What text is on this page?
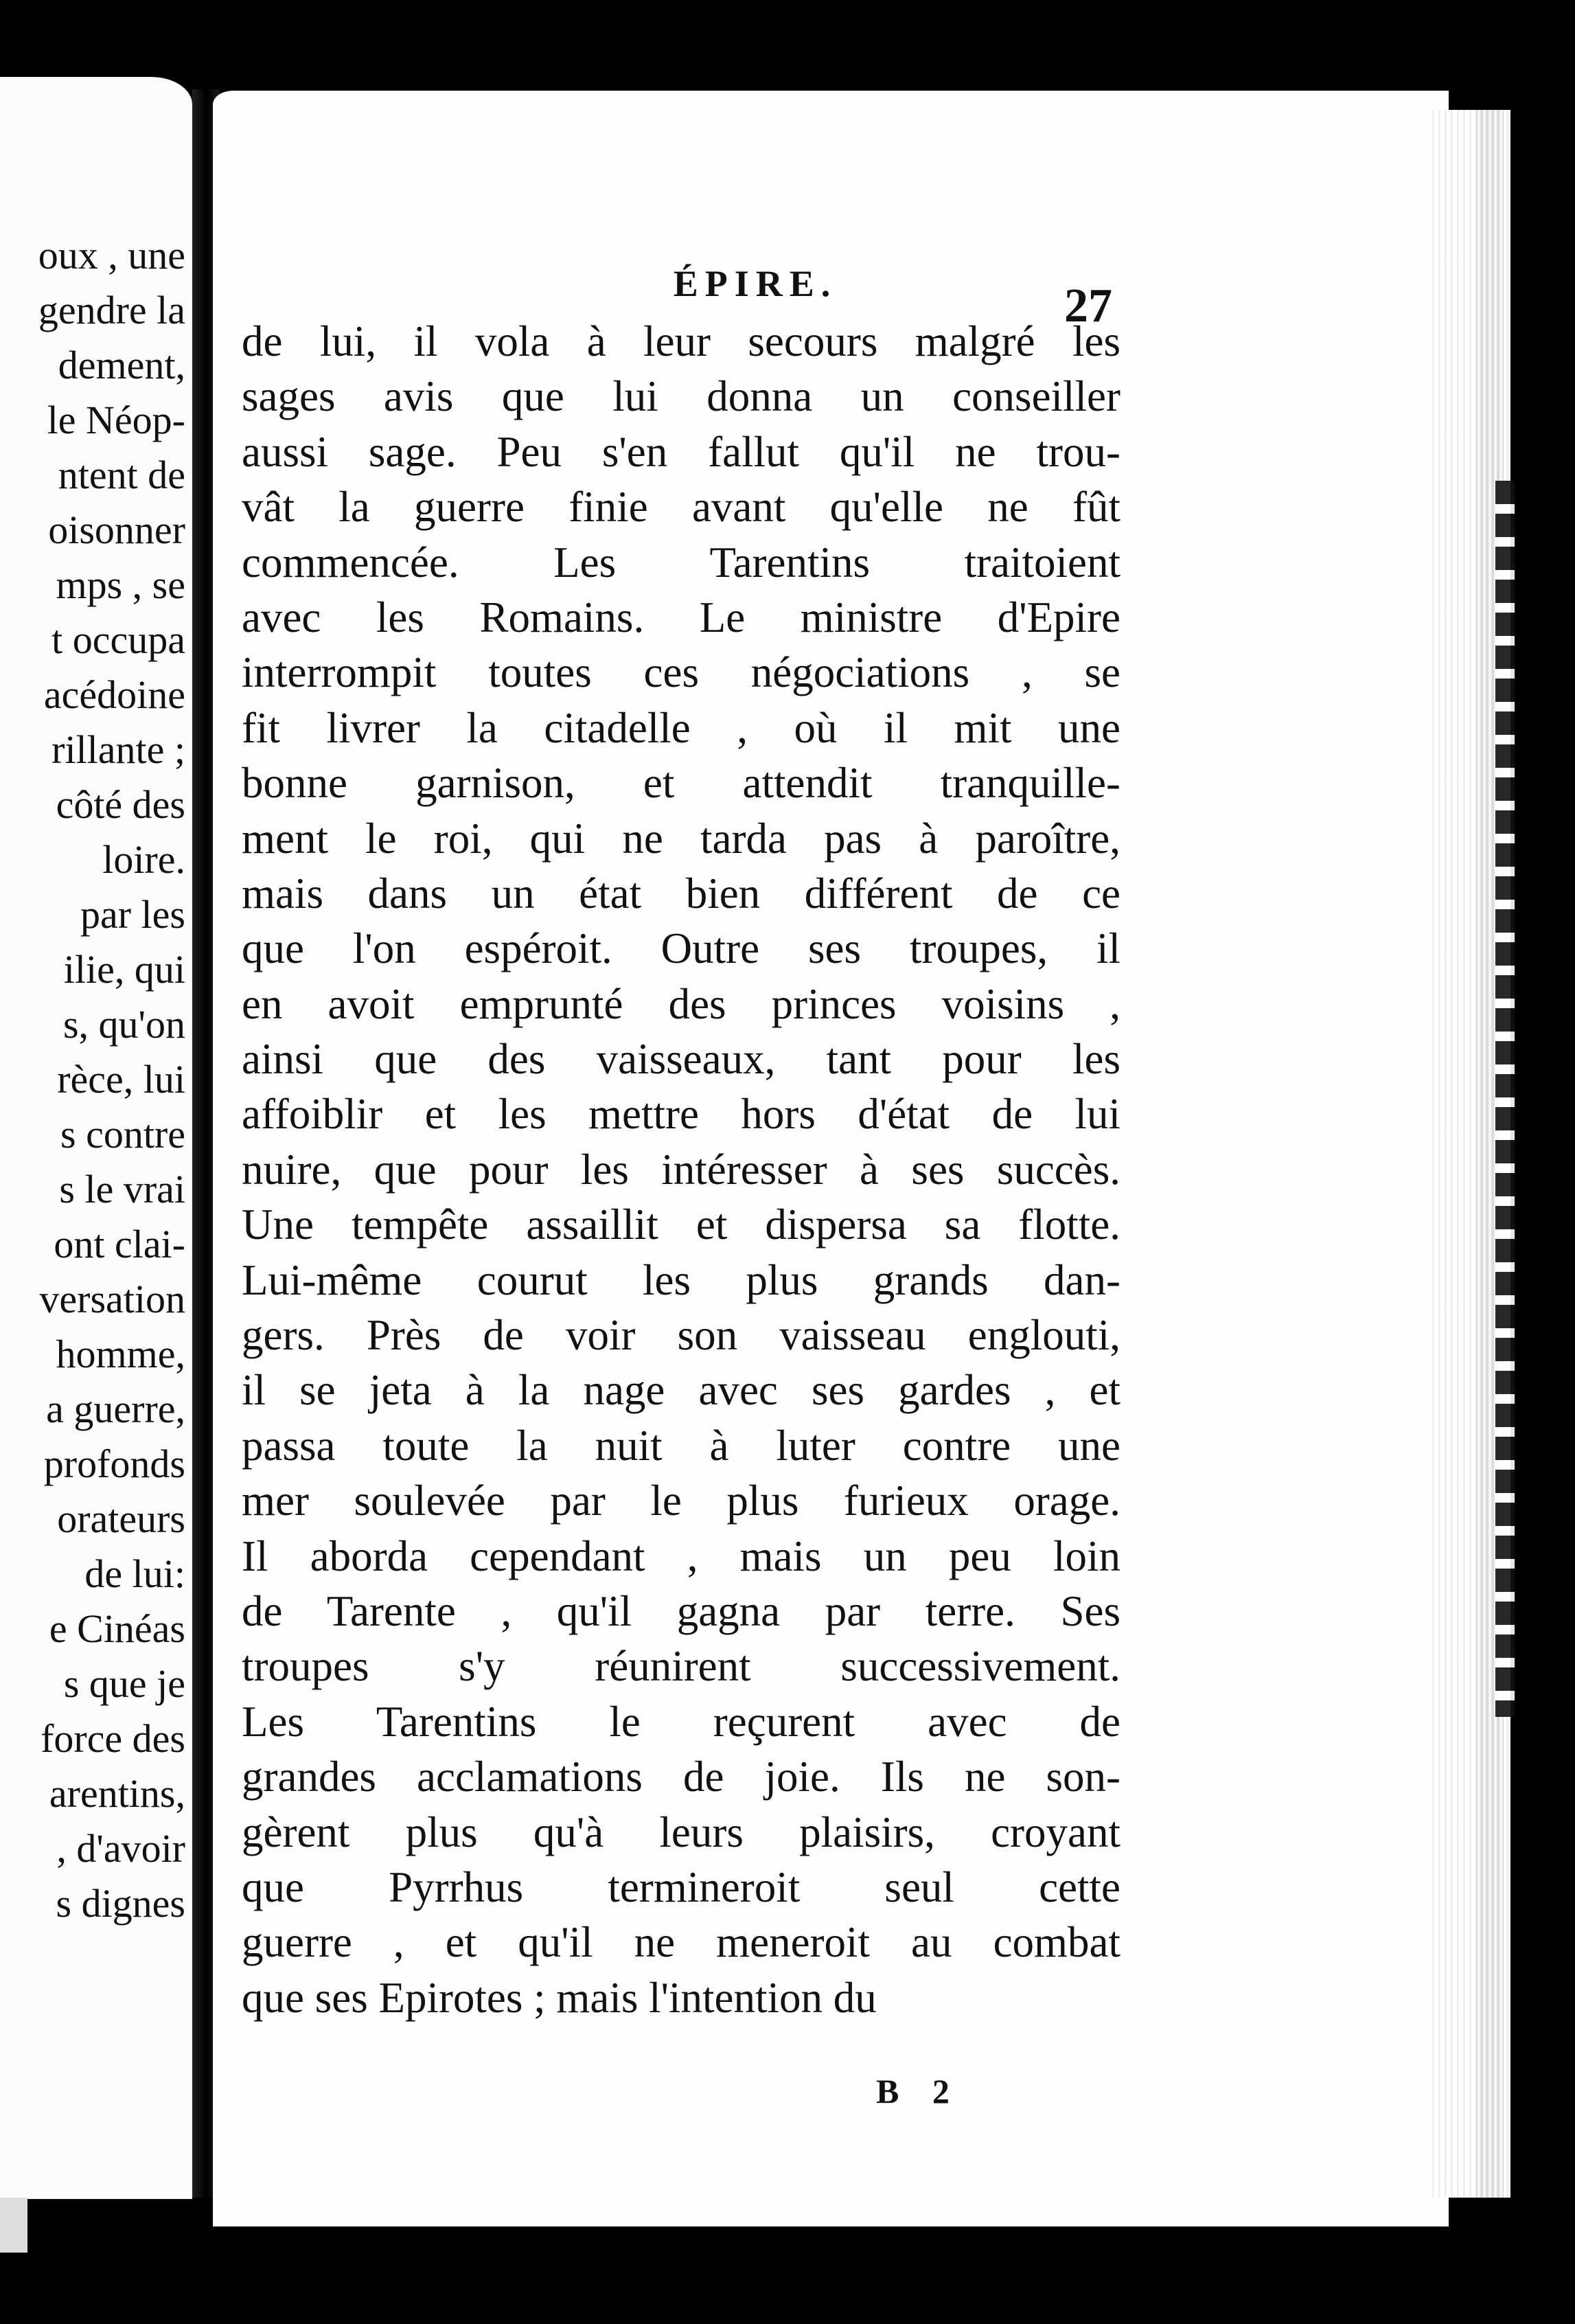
oux , une
gendre la
dement,
le Néop-
ntent de
oisonner
mps , se
t occupa
acédoine
rillante ;
côté des
loire.
par les
ilie, qui
s, qu'on
rèce, lui
s contre
s le vrai
ont clai-
versation
homme,
a guerre,
profonds
orateurs
de lui:
e Cinéas
s que je
force des
arentins,
, d'avoir
s dignes
ÉPIRE.	27
de lui, il vola à leur secours malgré les
sages avis que lui donna un conseiller
aussi sage. Peu s'en fallut qu'il ne trou-
vât la guerre finie avant qu'elle ne fût
commencée. Les Tarentins traitoient
avec les Romains. Le ministre d'Epire
interrompit toutes ces négociations , se
fit livrer la citadelle , où il mit une
bonne garnison, et attendit tranquille-
ment le roi, qui ne tarda pas à paroître,
mais dans un état bien différent de ce
que l'on espéroit. Outre ses troupes, il
en avoit emprunté des princes voisins ,
ainsi que des vaisseaux, tant pour les
affoiblir et les mettre hors d'état de lui
nuire, que pour les intéresser à ses succès.
Une tempête assaillit et dispersa sa flotte.
Lui-même courut les plus grands dan-
gers. Près de voir son vaisseau englouti,
il se jeta à la nage avec ses gardes , et
passa toute la nuit à luter contre une
mer soulevée par le plus furieux orage.
Il aborda cependant , mais un peu loin
de Tarente , qu'il gagna par terre. Ses
troupes s'y réunirent successivement.
Les Tarentins le reçurent avec de
grandes acclamations de joie. Ils ne son-
gèrent plus qu'à leurs plaisirs, croyant
que Pyrrhus termineroit seul cette
guerre , et qu'il ne meneroit au combat
que ses Epirotes ; mais l'intention du
B 2
